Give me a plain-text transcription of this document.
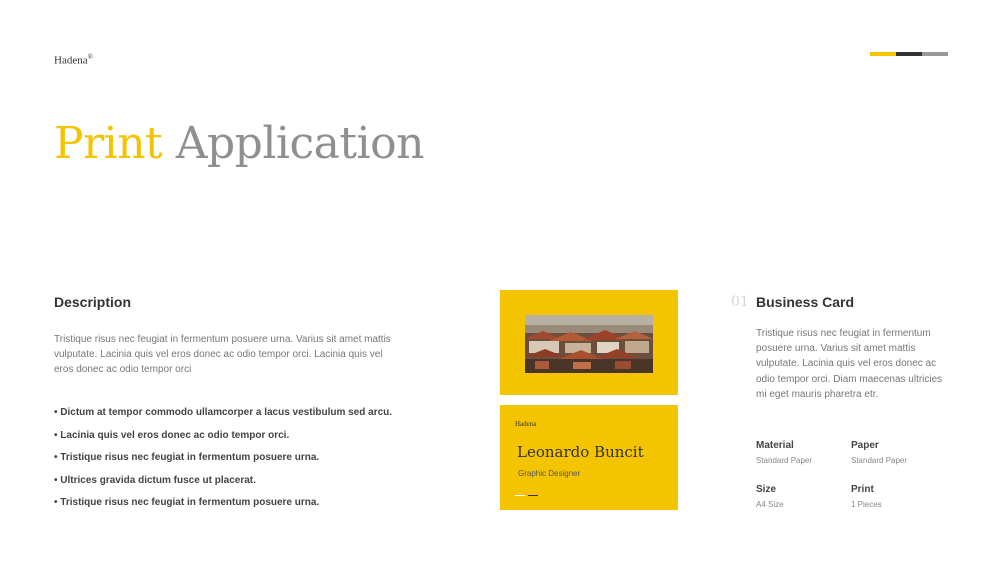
Hadena®
Print Application
Description
Tristique risus nec feugiat in fermentum posuere urna. Varius sit amet mattis vulputate. Lacinia quis vel eros donec ac odio tempor orci. Lacinia quis vel eros donec ac odio tempor orci
• Dictum at tempor commodo ullamcorper a lacus vestibulum sed arcu.
• Lacinia quis vel eros donec ac odio tempor orci.
• Tristique risus nec feugiat in fermentum posuere urna.
• Ultrices gravida dictum fusce ut placerat.
• Tristique risus nec feugiat in fermentum posuere urna.
Hadena
Leonardo Buncit
Graphic Designer
01 Business Card
Tristique risus nec feugiat in fermentum posuere urna. Varius sit amet mattis vulputate. Lacinia quis vel eros donec ac odio tempor orci. Diam maecenas ultricies mi eget mauris pharetra etr.
Material
Standard Paper
Paper
Standard Paper
Size
A4 Size
Print
1 Pieces
